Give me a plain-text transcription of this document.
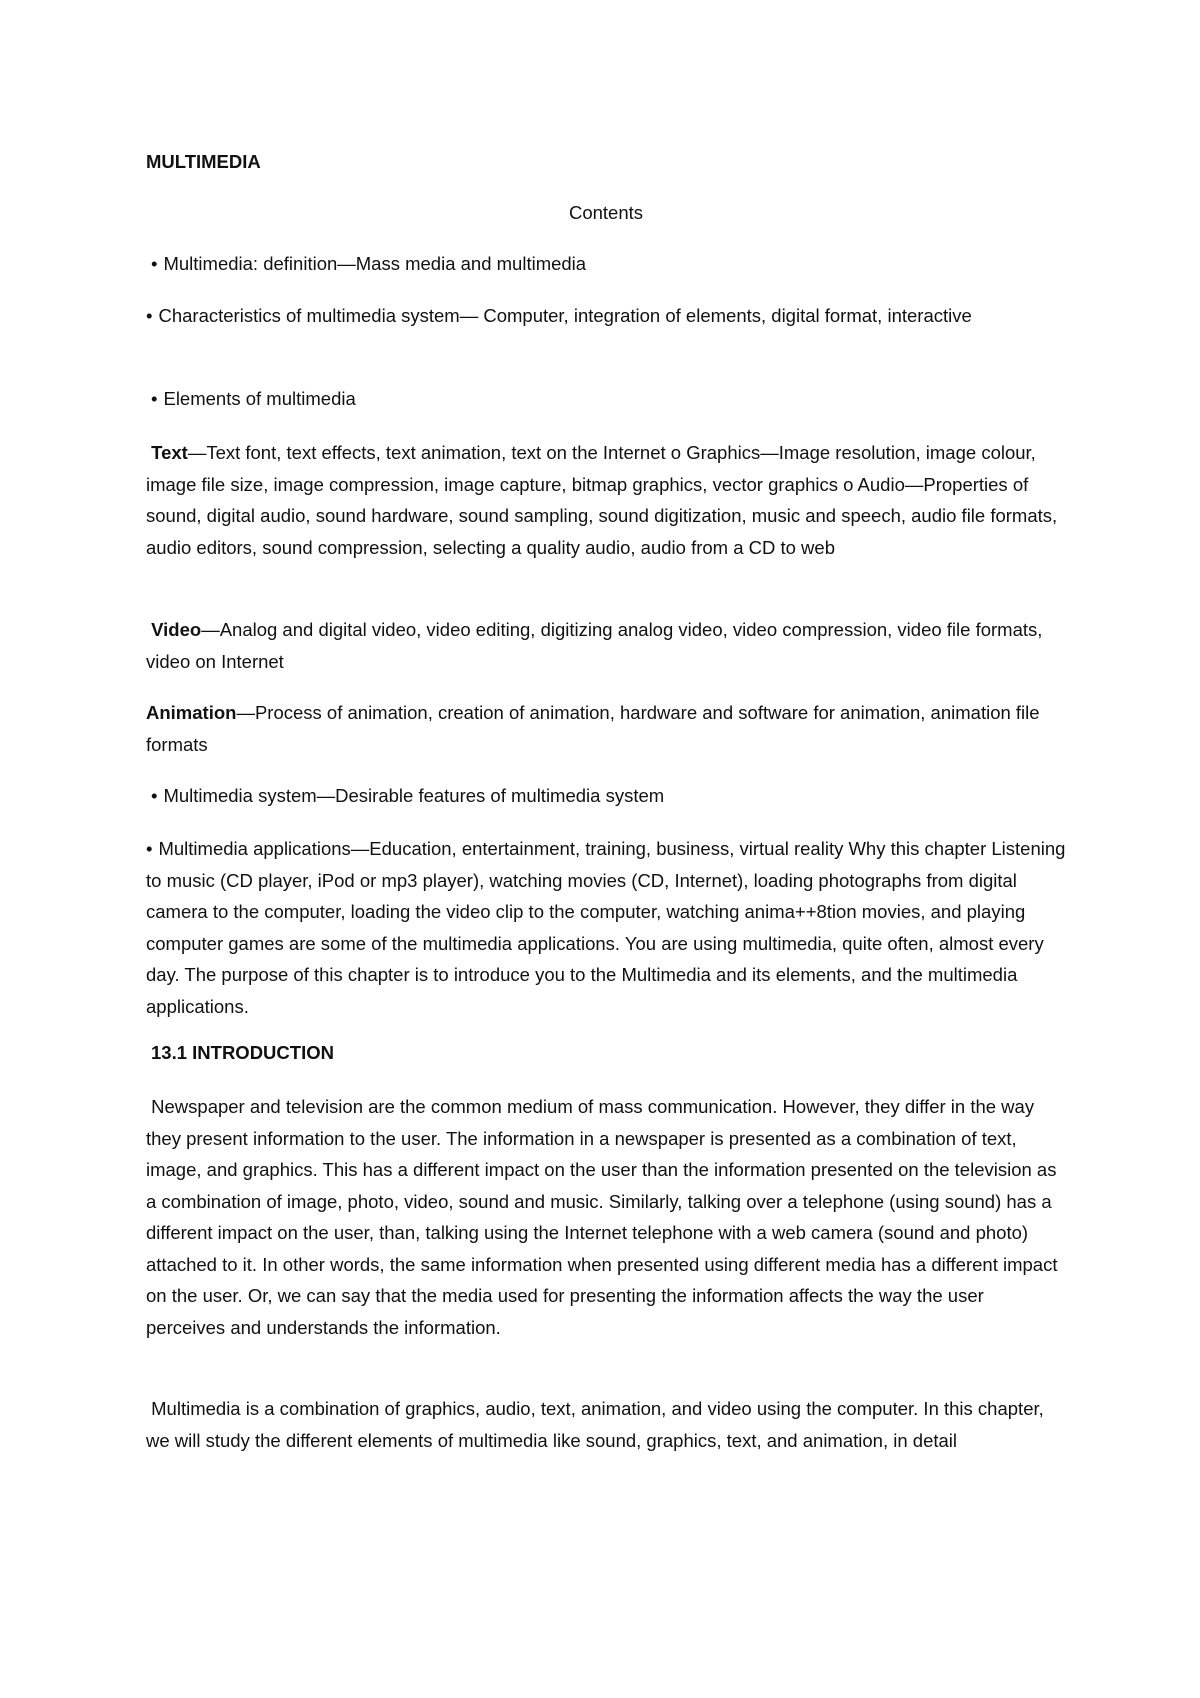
MULTIMEDIA

Contents

• Multimedia: definition—Mass media and multimedia

• Characteristics of multimedia system— Computer, integration of elements, digital format, interactive

• Elements of multimedia

Text—Text font, text effects, text animation, text on the Internet o Graphics—Image resolution, image colour, image file size, image compression, image capture, bitmap graphics, vector graphics o Audio—Properties of sound, digital audio, sound hardware, sound sampling, sound digitization, music and speech, audio file formats, audio editors, sound compression, selecting a quality audio, audio from a CD to web

Video—Analog and digital video, video editing, digitizing analog video, video compression, video file formats, video on Internet

Animation—Process of animation, creation of animation, hardware and software for animation, animation file formats

• Multimedia system—Desirable features of multimedia system

• Multimedia applications—Education, entertainment, training, business, virtual reality Why this chapter Listening to music (CD player, iPod or mp3 player), watching movies (CD, Internet), loading photographs from digital camera to the computer, loading the video clip to the computer, watching anima++8tion movies, and playing computer games are some of the multimedia applications. You are using multimedia, quite often, almost every day. The purpose of this chapter is to introduce you to the Multimedia and its elements, and the multimedia applications.

13.1 INTRODUCTION

Newspaper and television are the common medium of mass communication. However, they differ in the way they present information to the user. The information in a newspaper is presented as a combination of text, image, and graphics. This has a different impact on the user than the information presented on the television as a combination of image, photo, video, sound and music. Similarly, talking over a telephone (using sound) has a different impact on the user, than, talking using the Internet telephone with a web camera (sound and photo) attached to it. In other words, the same information when presented using different media has a different impact on the user. Or, we can say that the media used for presenting the information affects the way the user perceives and understands the information.

Multimedia is a combination of graphics, audio, text, animation, and video using the computer. In this chapter, we will study the different elements of multimedia like sound, graphics, text, and animation, in detail
